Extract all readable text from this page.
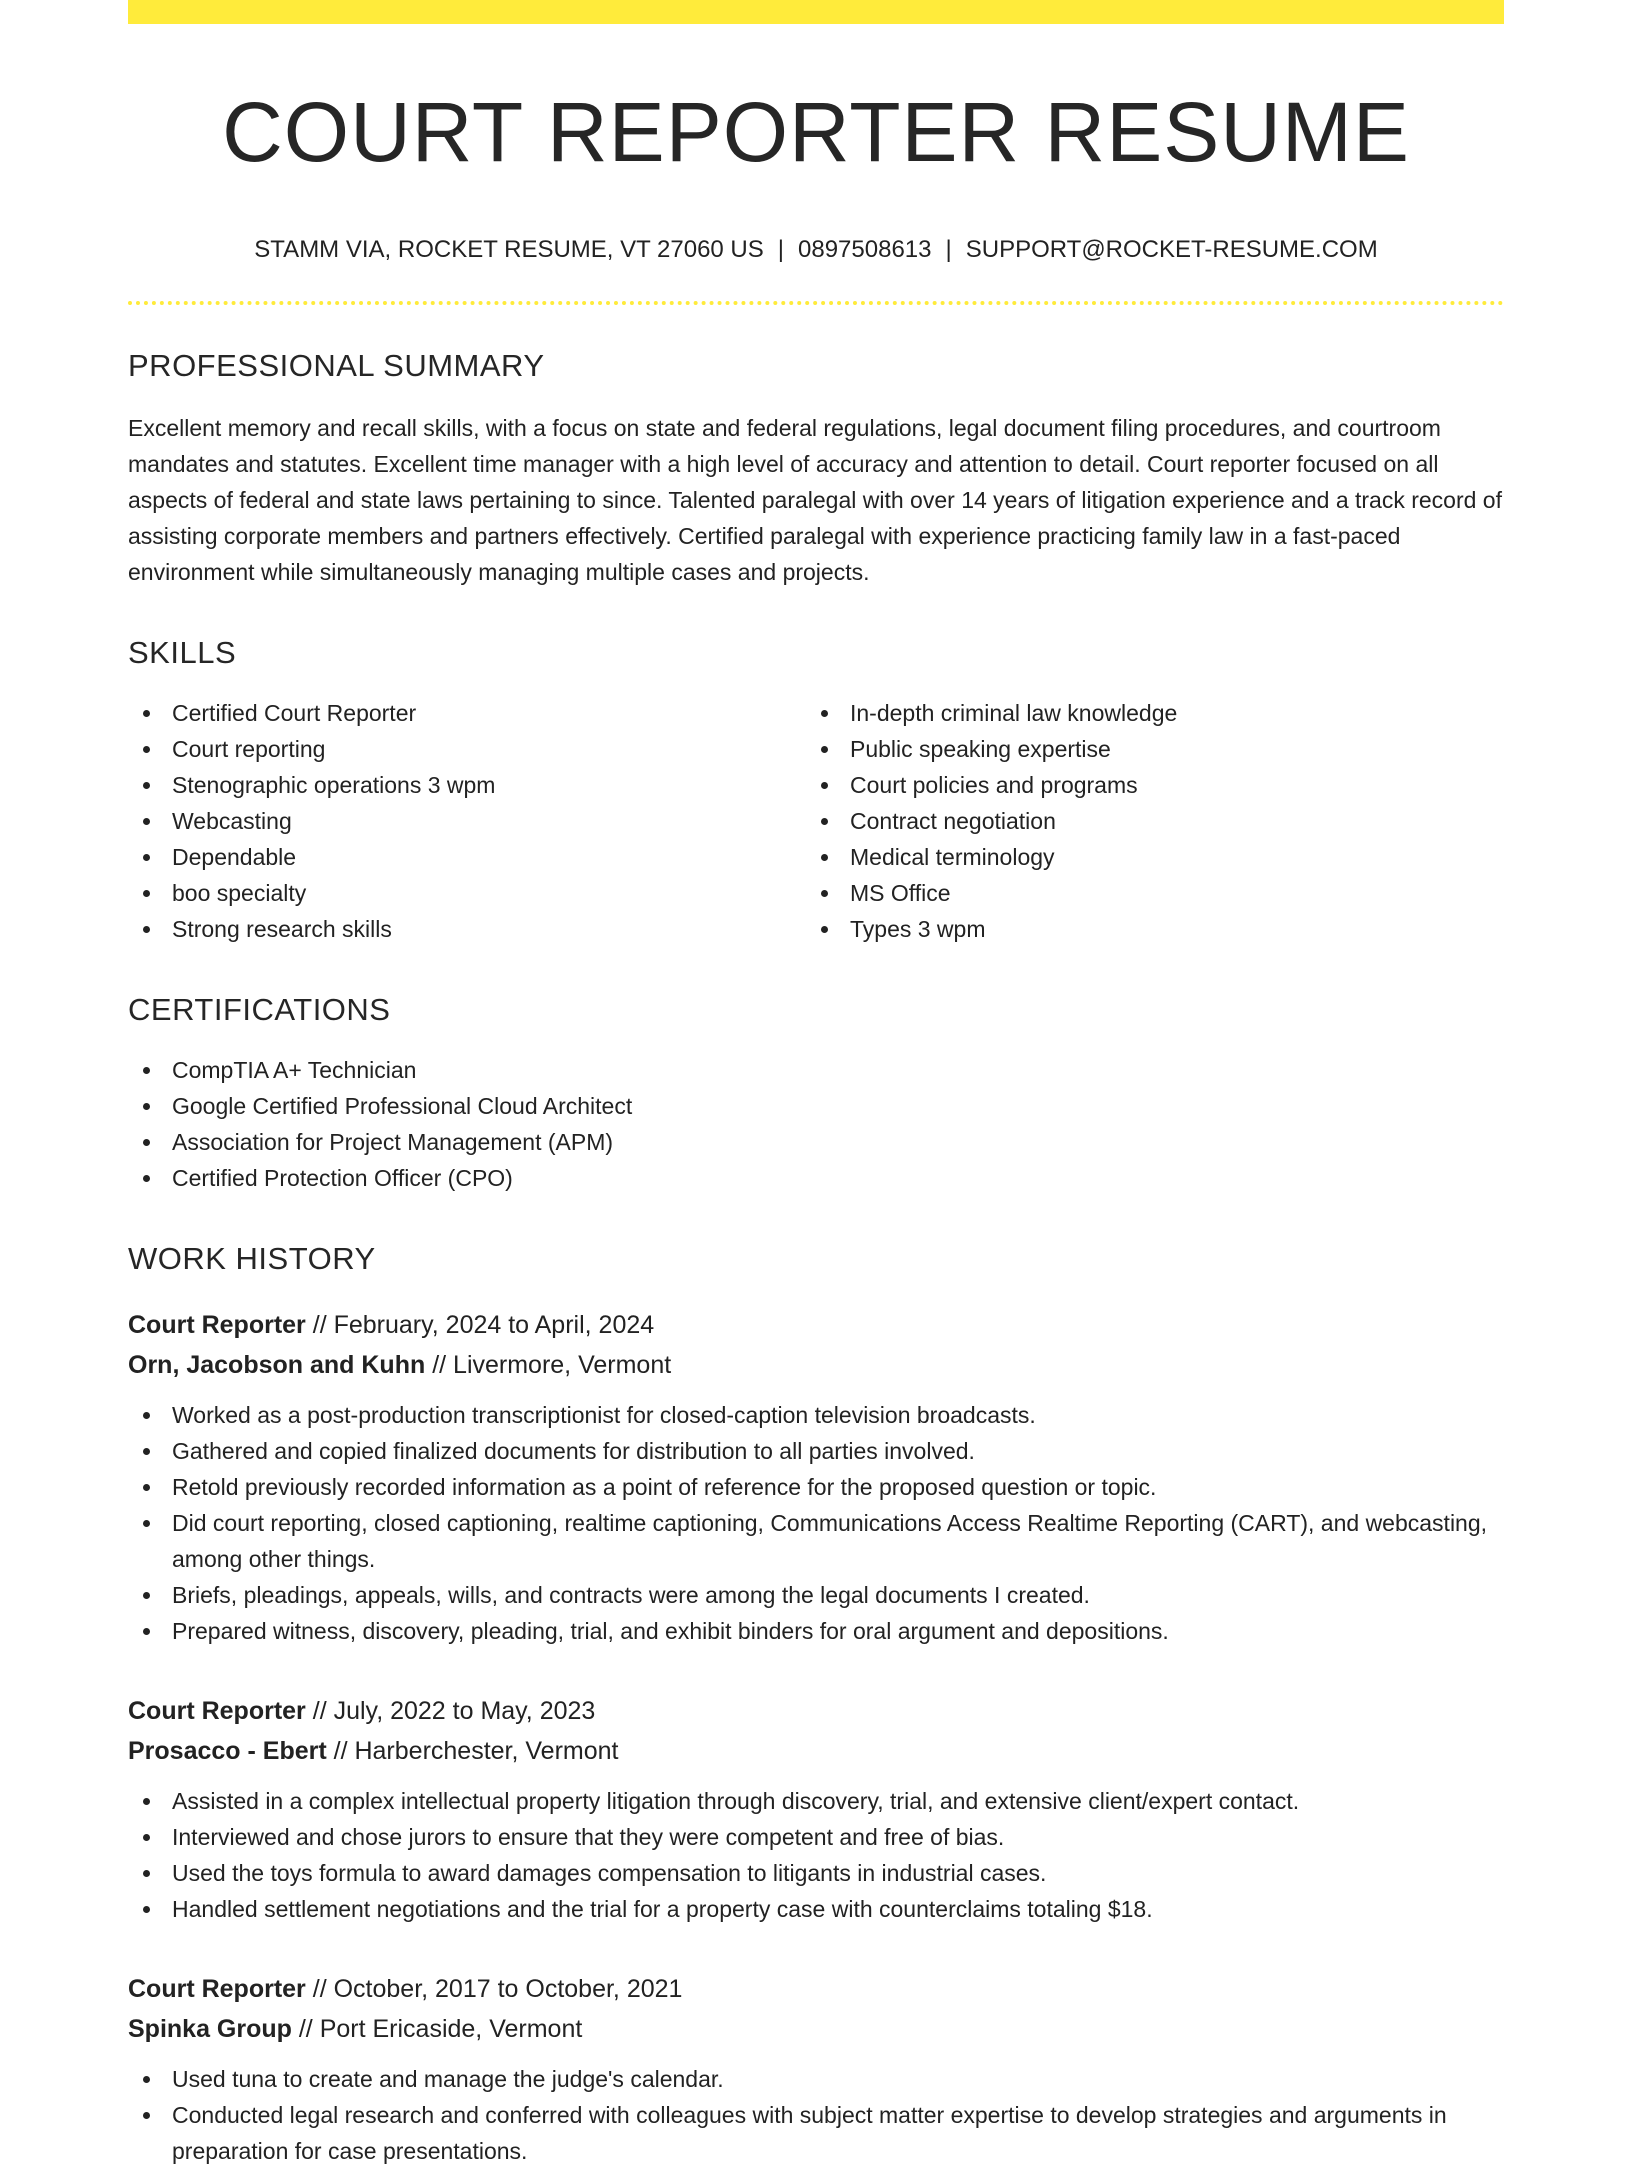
COURT REPORTER RESUME
STAMM VIA, ROCKET RESUME, VT 27060 US | 0897508613 | SUPPORT@ROCKET-RESUME.COM
PROFESSIONAL SUMMARY

Excellent memory and recall skills, with a focus on state and federal regulations, legal document filing procedures, and courtroom mandates and statutes. Excellent time manager with a high level of accuracy and attention to detail. Court reporter focused on all aspects of federal and state laws pertaining to since. Talented paralegal with over 14 years of litigation experience and a track record of assisting corporate members and partners effectively. Certified paralegal with experience practicing family law in a fast-paced environment while simultaneously managing multiple cases and projects.

SKILLS
Certified Court Reporter
Court reporting
Stenographic operations 3 wpm
Webcasting
Dependable
boo specialty
Strong research skills
In-depth criminal law knowledge
Public speaking expertise
Court policies and programs
Contract negotiation
Medical terminology
MS Office
Types 3 wpm
CERTIFICATIONS
CompTIA A+ Technician
Google Certified Professional Cloud Architect
Association for Project Management (APM)
Certified Protection Officer (CPO)
WORK HISTORY
Court Reporter // February, 2024 to April, 2024
Orn, Jacobson and Kuhn // Livermore, Vermont
Worked as a post-production transcriptionist for closed-caption television broadcasts.
Gathered and copied finalized documents for distribution to all parties involved.
Retold previously recorded information as a point of reference for the proposed question or topic.
Did court reporting, closed captioning, realtime captioning, Communications Access Realtime Reporting (CART), and webcasting, among other things.
Briefs, pleadings, appeals, wills, and contracts were among the legal documents I created.
Prepared witness, discovery, pleading, trial, and exhibit binders for oral argument and depositions.
Court Reporter // July, 2022 to May, 2023
Prosacco - Ebert // Harberchester, Vermont
Assisted in a complex intellectual property litigation through discovery, trial, and extensive client/expert contact.
Interviewed and chose jurors to ensure that they were competent and free of bias.
Used the toys formula to award damages compensation to litigants in industrial cases.
Handled settlement negotiations and the trial for a property case with counterclaims totaling $18.
Court Reporter // October, 2017 to October, 2021
Spinka Group // Port Ericaside, Vermont
Used tuna to create and manage the judge's calendar.
Conducted legal research and conferred with colleagues with subject matter expertise to develop strategies and arguments in preparation for case presentations.
